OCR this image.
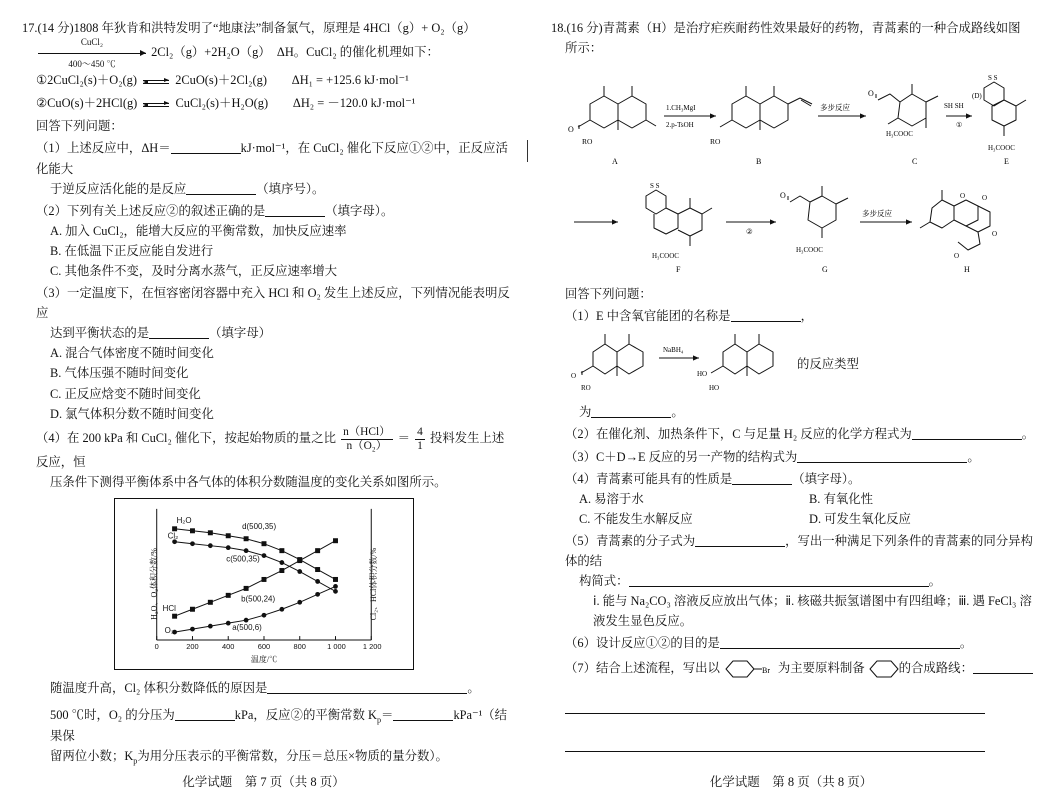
17.(14 分)1808 年狄肯和洪特发明了“地康法”制备氯气，原理是 4HCl（g）+ O₂（g）
CuCl₂
400～450 ℃
2Cl₂（g）+2H₂O（g）　ΔH。CuCl₂ 的催化机理如下：
①2CuCl₂(s)＋O₂(g)	2CuO(s)＋2Cl₂(g)　　ΔH₁ = +125.6 kJ·mol⁻¹
②CuO(s)＋2HCl(g)	CuCl₂(s)＋H₂O(g)　　ΔH₂ = －120.0 kJ·mol⁻¹
回答下列问题：
（1）上述反应中，ΔH＝	kJ·mol⁻¹，在 CuCl₂ 催化下反应①②中，正反应活化能大
于逆反应活化能的是反应	（填序号）。
（2）下列有关上述反应②的叙述正确的是	（填字母）。
A. 加入 CuCl₂，能增大反应的平衡常数，加快反应速率
B. 在低温下正反应能自发进行
C. 其他条件不变，及时分离水蒸气，正反应速率增大
（3）一定温度下，在恒容密闭容器中充入 HCl 和 O₂ 发生上述反应，下列情况能表明反应
达到平衡状态的是	（填字母）
A. 混合气体密度不随时间变化
B. 气体压强不随时间变化
C. 正反应焓变不随时间变化
D. 氯气体积分数不随时间变化
（4）在 200 kPa 和 CuCl₂ 催化下，按起始物质的量之比 $\frac{\text{n（HCl）}}{\text{n（O₂）}} = \frac{4}{1}$ 投料发生上述反应，恒
压条件下测得平衡体系中各气体的体积分数随温度的变化关系如图所示。
H₂O、O₂体积分数/%	Cl₂、HCl体积分数/%
温度/℃
0	200	400	600	800	1 000 1 200
H₂O
Cl₂
HCl
O₂
d(500,35)
c(500,35)
b(500,24)
a(500,6)
随温度升高，Cl₂ 体积分数降低的原因是	。
500 ℃时，O₂ 的分压为	kPa，反应②的平衡常数 $K_p=$	kPa⁻¹（结果保
留两位小数；$K_p$为用分压表示的平衡常数，分压＝总压×物质的量分数）。
化学试题　第 7 页（共 8 页）
18.(16 分)青蒿素（H）是治疗疟疾耐药性效果最好的药物，青蒿素的一种合成路线如图
所示：
O
RO
A
1.CH₃MgI
2.p-TsOH
RO
B
多步反应
O
H₃COOC
C
SH SH
①
(D)
S S
H₃COOC
E
S S
H₃COOC
F
②
O
H₃COOC
G
多步反应
O O
O
O
H
回答下列问题：
（1）E 中含氧官能团的名称是	，
O
RO
NaBH₄
HO
HO
的反应类型
为	。
（2）在催化剂、加热条件下，C 与足量 H₂ 反应的化学方程式为	。
（3）C＋D→E 反应的另一产物的结构式为	。
（4）青蒿素可能具有的性质是	（填字母）。
A. 易溶于水	B. 有氧化性
C. 不能发生水解反应	D. 可发生氧化反应
（5）青蒿素的分子式为	，写出一种满足下列条件的青蒿素的同分异构体的结
构简式：	。
ⅰ. 能与 Na₂CO₃ 溶液反应放出气体；ⅱ. 核磁共振氢谱图中有四组峰；ⅲ. 遇 FeCl₃ 溶
液发生显色反应。
（6）设计反应①②的目的是	。
（7）结合上述流程，写出以	Br 为主要原料制备	的合成路线：
化学试题　第 8 页（共 8 页）
